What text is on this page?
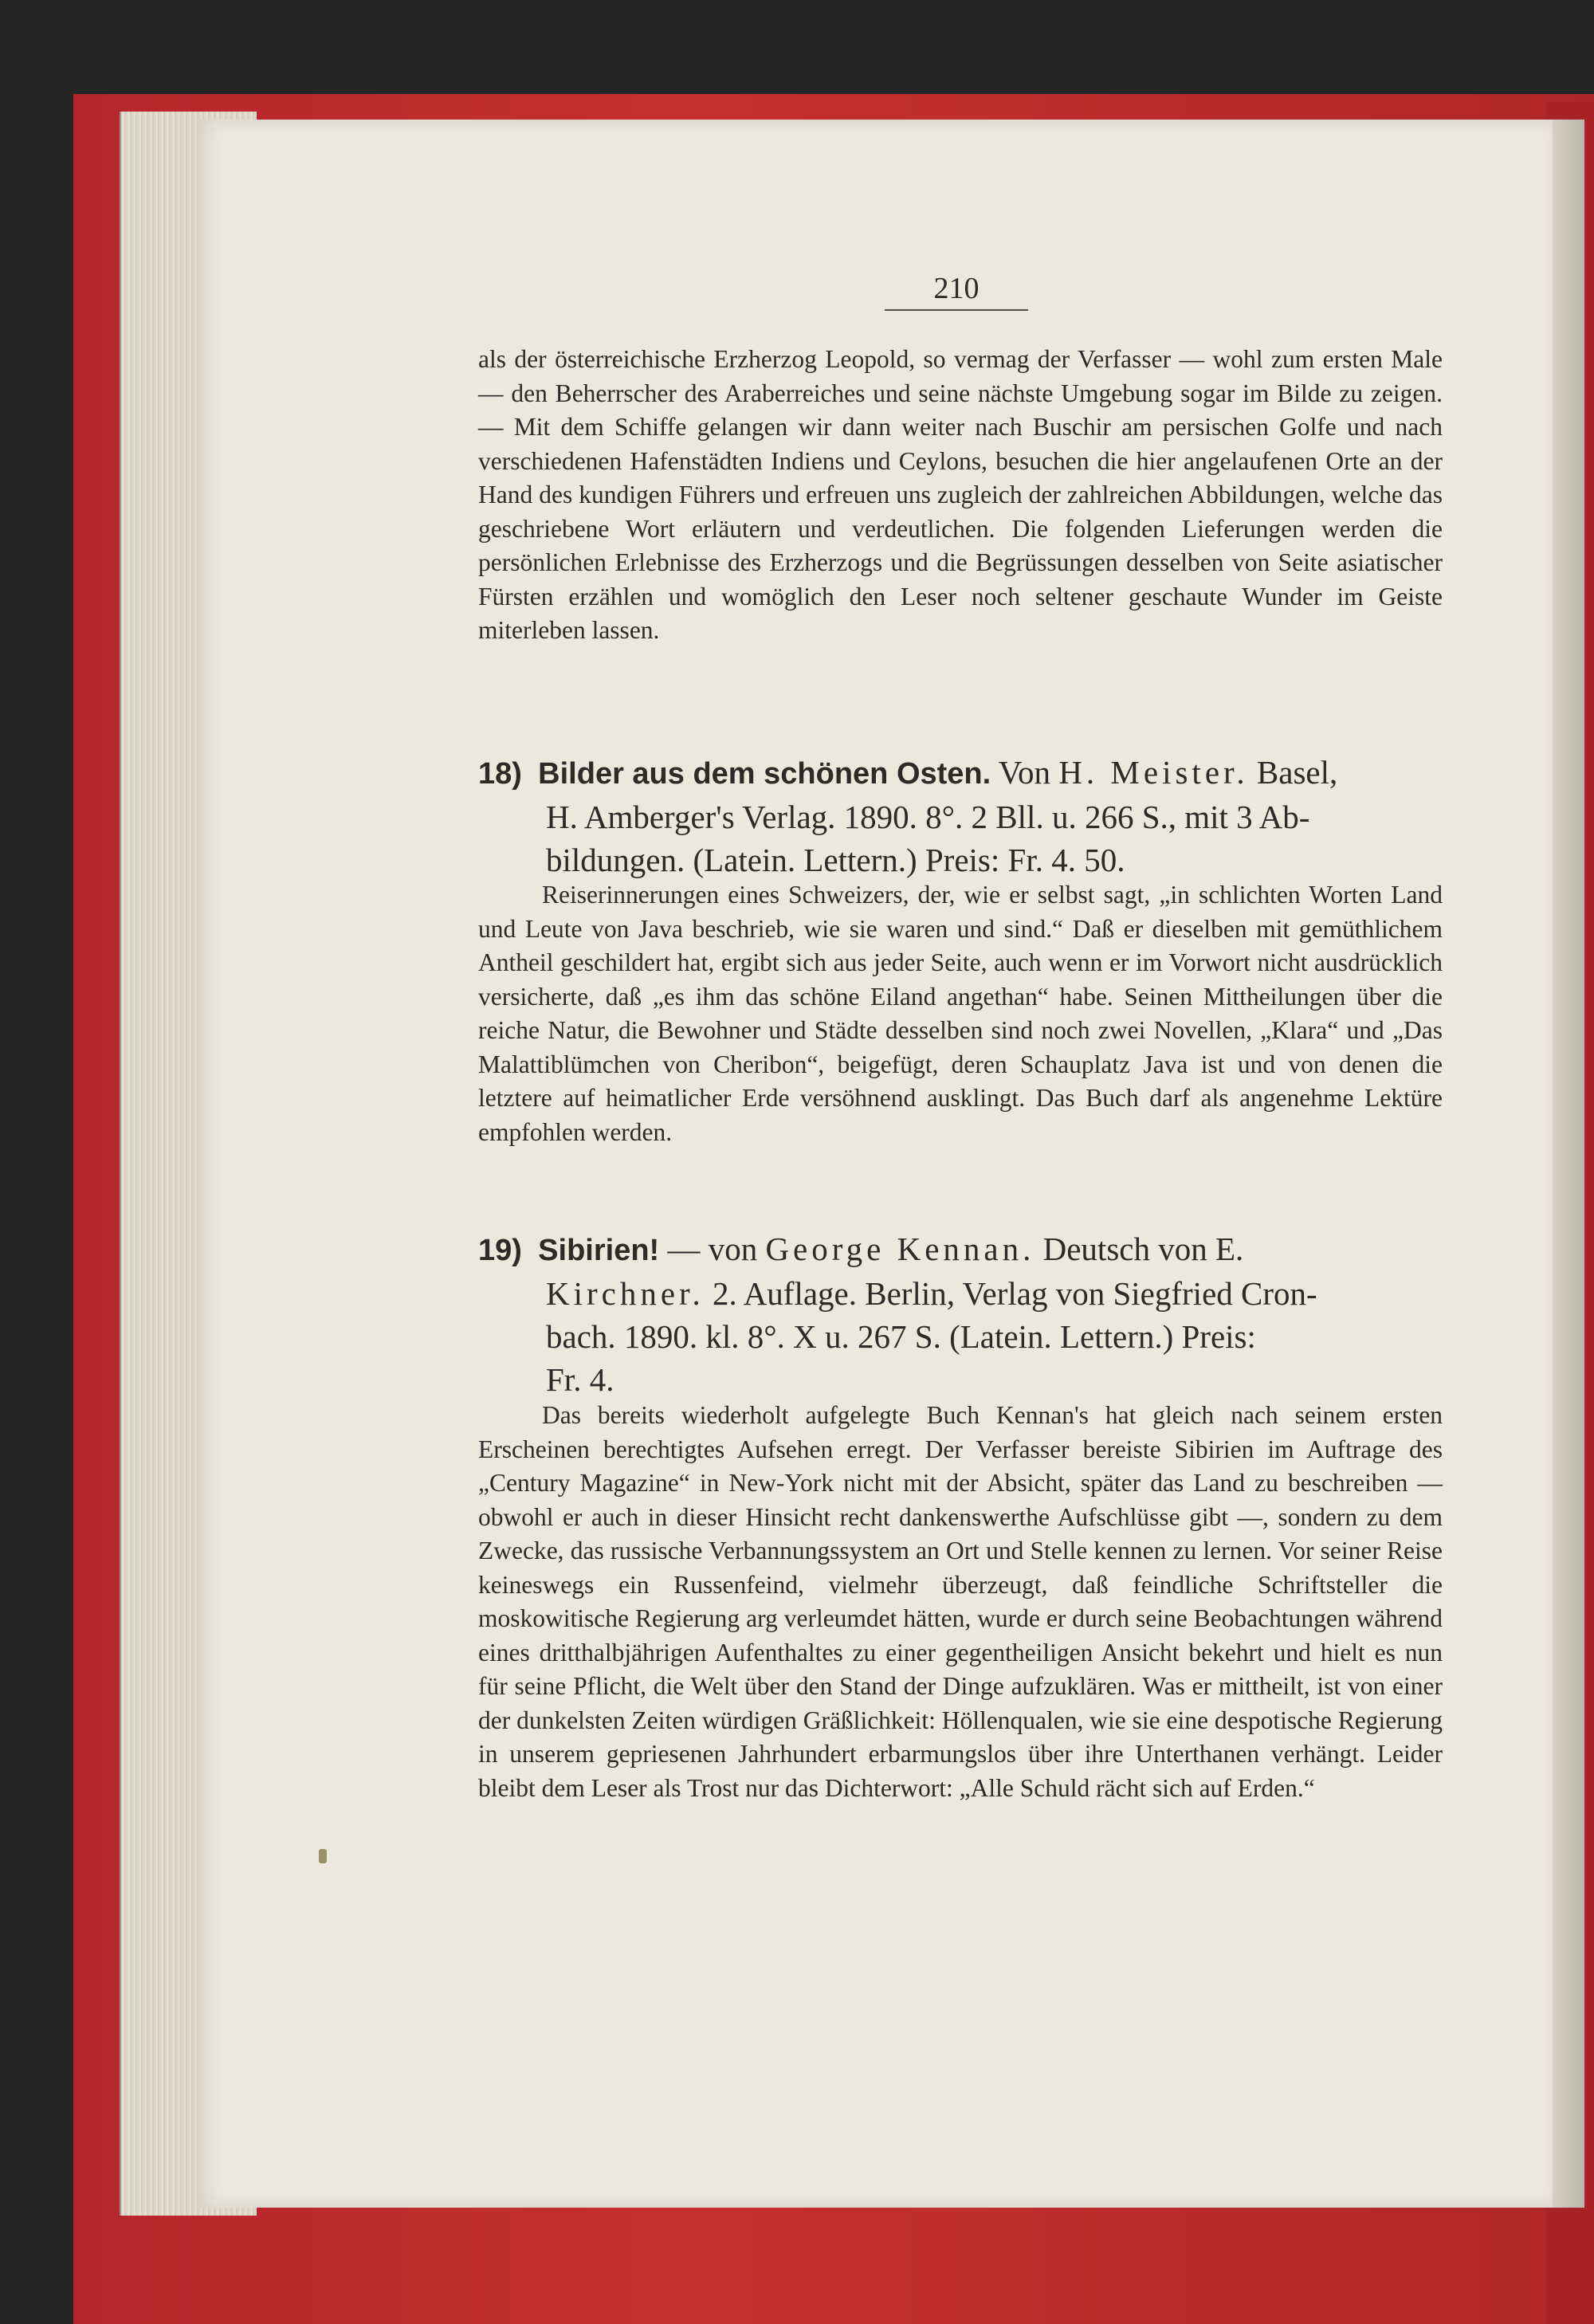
210

als der österreichische Erzherzog Leopold, so vermag der Verfasser — wohl zum ersten Male — den Beherrscher des Araberreiches und seine nächste Umgebung sogar im Bilde zu zeigen. — Mit dem Schiffe gelangen wir dann weiter nach Buschir am persischen Golfe und nach verschiedenen Hafenstädten Indiens und Ceylons, besuchen die hier angelaufenen Orte an der Hand des kundigen Führers und erfreuen uns zugleich der zahlreichen Abbildungen, welche das geschriebene Wort erläutern und verdeutlichen. Die folgenden Lieferungen werden die persönlichen Erlebnisse des Erzherzogs und die Begrüssungen desselben von Seite asiatischer Fürsten erzählen und womöglich den Leser noch seltener geschaute Wunder im Geiste miterleben lassen.

18) Bilder aus dem schönen Osten. Von H. Meister. Basel,
H. Amberger's Verlag. 1890. 8°. 2 Bll. u. 266 S., mit 3 Ab-
bildungen. (Latein. Lettern.) Preis: Fr. 4. 50.

Reiserinnerungen eines Schweizers, der, wie er selbst sagt, „in schlichten Worten Land und Leute von Java beschrieb, wie sie waren und sind.“ Daß er dieselben mit gemüthlichem Antheil geschildert hat, ergibt sich aus jeder Seite, auch wenn er im Vorwort nicht ausdrücklich versicherte, daß „es ihm das schöne Eiland angethan“ habe. Seinen Mittheilungen über die reiche Natur, die Bewohner und Städte desselben sind noch zwei Novellen, „Klara“ und „Das Malattiblümchen von Cheribon“, beigefügt, deren Schauplatz Java ist und von denen die letztere auf heimatlicher Erde versöhnend ausklingt. Das Buch darf als angenehme Lektüre empfohlen werden.

19) Sibirien! — von George Kennan. Deutsch von E.
Kirchner. 2. Auflage. Berlin, Verlag von Siegfried Cron-
bach. 1890. kl. 8°. X u. 267 S. (Latein. Lettern.) Preis:
Fr. 4.

Das bereits wiederholt aufgelegte Buch Kennan's hat gleich nach seinem ersten Erscheinen berechtigtes Aufsehen erregt. Der Verfasser bereiste Sibirien im Auftrage des „Century Magazine“ in New-York nicht mit der Absicht, später das Land zu beschreiben — obwohl er auch in dieser Hinsicht recht dankenswerthe Aufschlüsse gibt —, sondern zu dem Zwecke, das russische Verbannungssystem an Ort und Stelle kennen zu lernen. Vor seiner Reise keineswegs ein Russenfeind, vielmehr überzeugt, daß feindliche Schriftsteller die moskowitische Regierung arg verleumdet hätten, wurde er durch seine Beobachtungen während eines dritthalbjährigen Aufenthaltes zu einer gegentheiligen Ansicht bekehrt und hielt es nun für seine Pflicht, die Welt über den Stand der Dinge aufzuklären. Was er mittheilt, ist von einer der dunkelsten Zeiten würdigen Gräßlichkeit: Höllenqualen, wie sie eine despotische Regierung in unserem gepriesenen Jahrhundert erbarmungslos über ihre Unterthanen verhängt. Leider bleibt dem Leser als Trost nur das Dichterwort: „Alle Schuld rächt sich auf Erden.“
